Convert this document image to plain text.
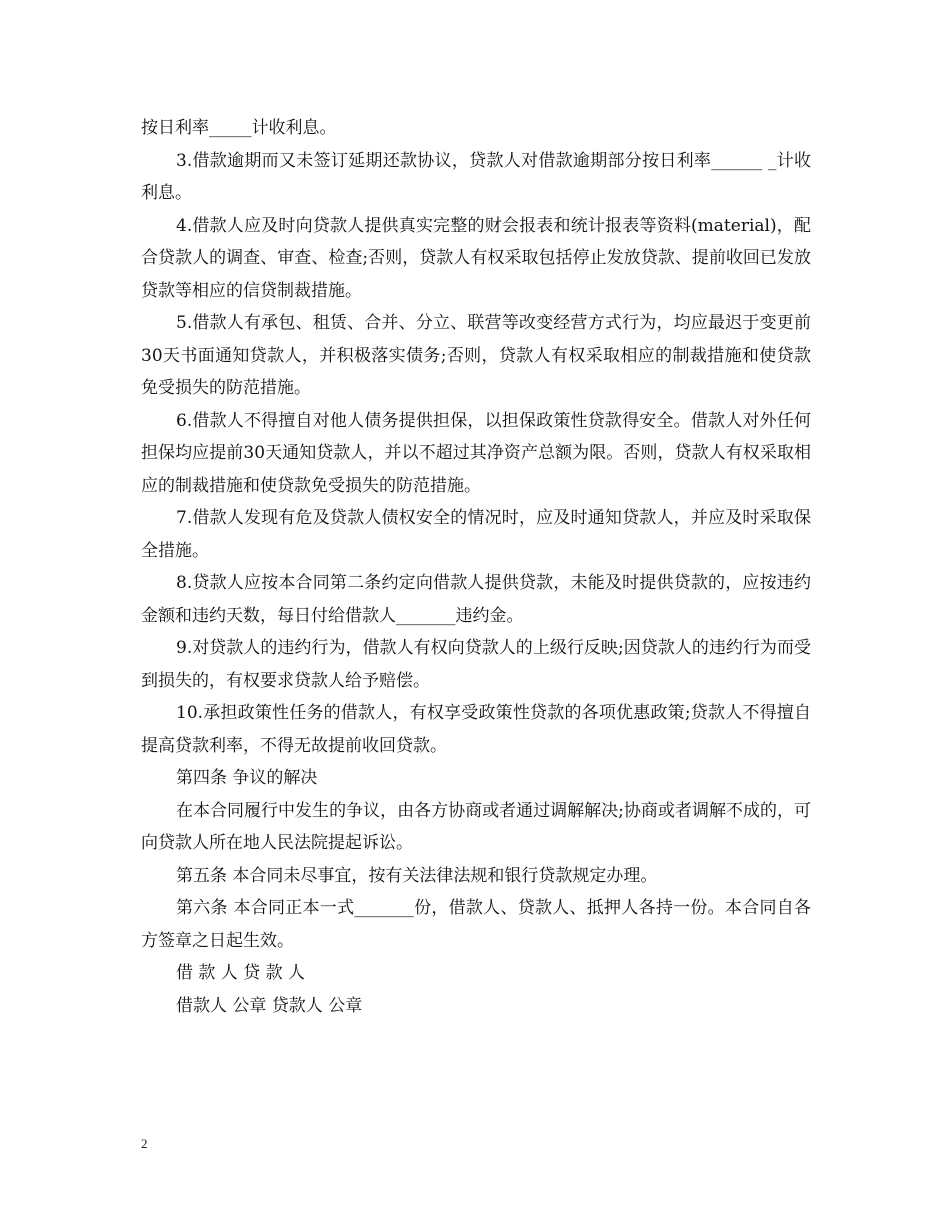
按日利率_____计收利息。

3.借款逾期而又未签订延期还款协议，贷款人对借款逾期部分按日利率______ _计收利息。

4.借款人应及时向贷款人提供真实完整的财会报表和统计报表等资料(material)，配合贷款人的调查、审查、检查;否则，贷款人有权采取包括停止发放贷款、提前收回已发放贷款等相应的信贷制裁措施。

5.借款人有承包、租赁、合并、分立、联营等改变经营方式行为，均应最迟于变更前30天书面通知贷款人，并积极落实债务;否则，贷款人有权采取相应的制裁措施和使贷款免受损失的防范措施。

6.借款人不得擅自对他人债务提供担保，以担保政策性贷款得安全。借款人对外任何担保均应提前30天通知贷款人，并以不超过其净资产总额为限。否则，贷款人有权采取相应的制裁措施和使贷款免受损失的防范措施。

7.借款人发现有危及贷款人债权安全的情况时，应及时通知贷款人，并应及时采取保全措施。

8.贷款人应按本合同第二条约定向借款人提供贷款，未能及时提供贷款的，应按违约金额和违约天数，每日付给借款人_______违约金。

9.对贷款人的违约行为，借款人有权向贷款人的上级行反映;因贷款人的违约行为而受到损失的，有权要求贷款人给予赔偿。

10.承担政策性任务的借款人，有权享受政策性贷款的各项优惠政策;贷款人不得擅自提高贷款利率，不得无故提前收回贷款。

第四条 争议的解决

在本合同履行中发生的争议，由各方协商或者通过调解解决;协商或者调解不成的，可向贷款人所在地人民法院提起诉讼。

第五条 本合同未尽事宜，按有关法律法规和银行贷款规定办理。

第六条 本合同正本一式_______份，借款人、贷款人、抵押人各持一份。本合同自各方签章之日起生效。

借 款 人 贷 款 人

借款人 公章 贷款人 公章

2
